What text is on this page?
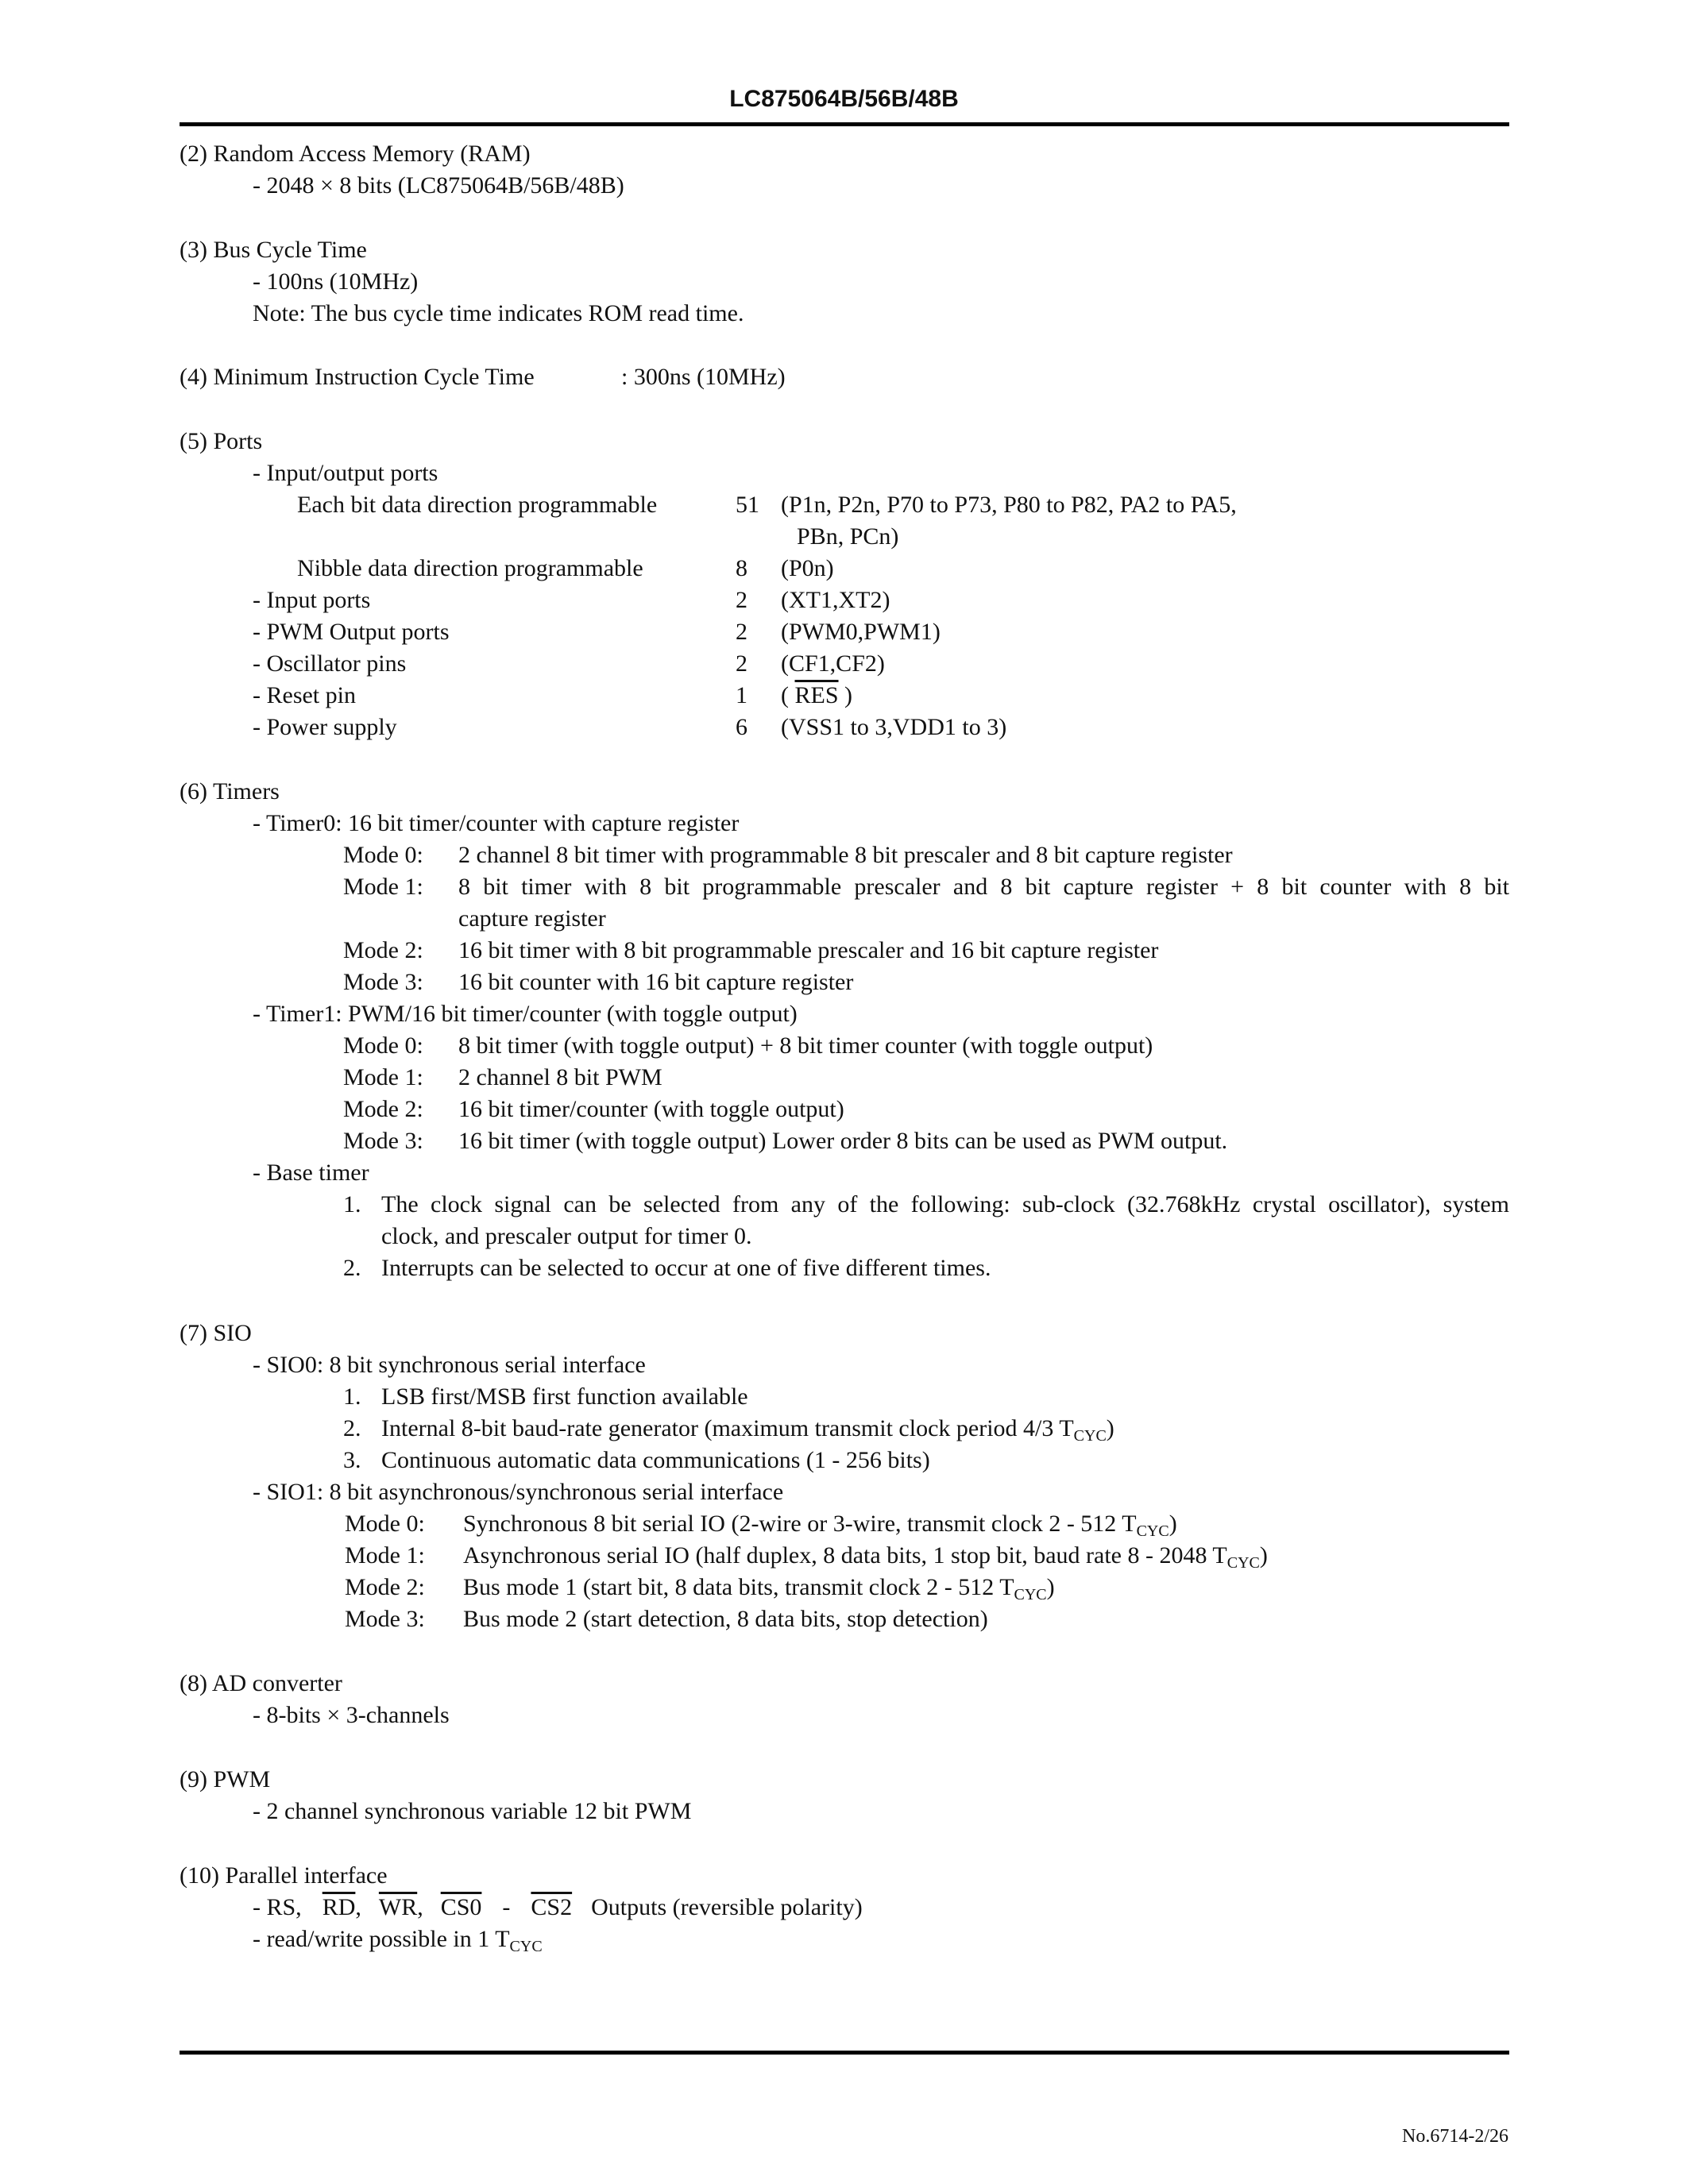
LC875064B/56B/48B
(2) Random Access Memory (RAM)
- 2048 × 8 bits (LC875064B/56B/48B)
(3) Bus Cycle Time
- 100ns (10MHz)
Note: The bus cycle time indicates ROM read time.
(4) Minimum Instruction Cycle Time	: 300ns (10MHz)
(5) Ports
- Input/output ports
Each bit data direction programmable	51 (P1n, P2n, P70 to P73, P80 to P82, PA2 to PA5,
PBn, PCn)
Nibble data direction programmable	8 (P0n)
- Input ports	2 (XT1,XT2)
- PWM Output ports	2 (PWM0,PWM1)
- Oscillator pins	2 (CF1,CF2)
- Reset pin	1 ( $\overline{RES}$ )
- Power supply	6 (VSS1 to 3,VDD1 to 3)
(6) Timers
- Timer0: 16 bit timer/counter with capture register
Mode 0: 2 channel 8 bit timer with programmable 8 bit prescaler and 8 bit capture register
Mode 1: 8 bit timer with 8 bit programmable prescaler and 8 bit capture register + 8 bit counter with 8 bit
capture register
Mode 2: 16 bit timer with 8 bit programmable prescaler and 16 bit capture register
Mode 3: 16 bit counter with 16 bit capture register
- Timer1: PWM/16 bit timer/counter (with toggle output)
Mode 0: 8 bit timer (with toggle output) + 8 bit timer counter (with toggle output)
Mode 1: 2 channel 8 bit PWM
Mode 2: 16 bit timer/counter (with toggle output)
Mode 3: 16 bit timer (with toggle output) Lower order 8 bits can be used as PWM output.
- Base timer
1. The clock signal can be selected from any of the following: sub-clock (32.768kHz crystal oscillator), system
clock, and prescaler output for timer 0.
2. Interrupts can be selected to occur at one of five different times.
(7) SIO
- SIO0: 8 bit synchronous serial interface
1. LSB first/MSB first function available
2. Internal 8-bit baud-rate generator (maximum transmit clock period 4/3 $T_{CYC}$)
3. Continuous automatic data communications (1 - 256 bits)
- SIO1: 8 bit asynchronous/synchronous serial interface
Mode 0: Synchronous 8 bit serial IO (2-wire or 3-wire, transmit clock 2 - 512 $T_{CYC}$)
Mode 1: Asynchronous serial IO (half duplex, 8 data bits, 1 stop bit, baud rate 8 - 2048 $T_{CYC}$)
Mode 2: Bus mode 1 (start bit, 8 data bits, transmit clock 2 - 512 $T_{CYC}$)
Mode 3: Bus mode 2 (start detection, 8 data bits, stop detection)
(8) AD converter
- 8-bits × 3-channels
(9) PWM
- 2 channel synchronous variable 12 bit PWM
(10) Parallel interface
- RS, $\overline{RD}$, $\overline{WR}$, CS0 - CS2 Outputs (reversible polarity)
- read/write possible in 1 $T_{CYC}$
No.6714-2/26
